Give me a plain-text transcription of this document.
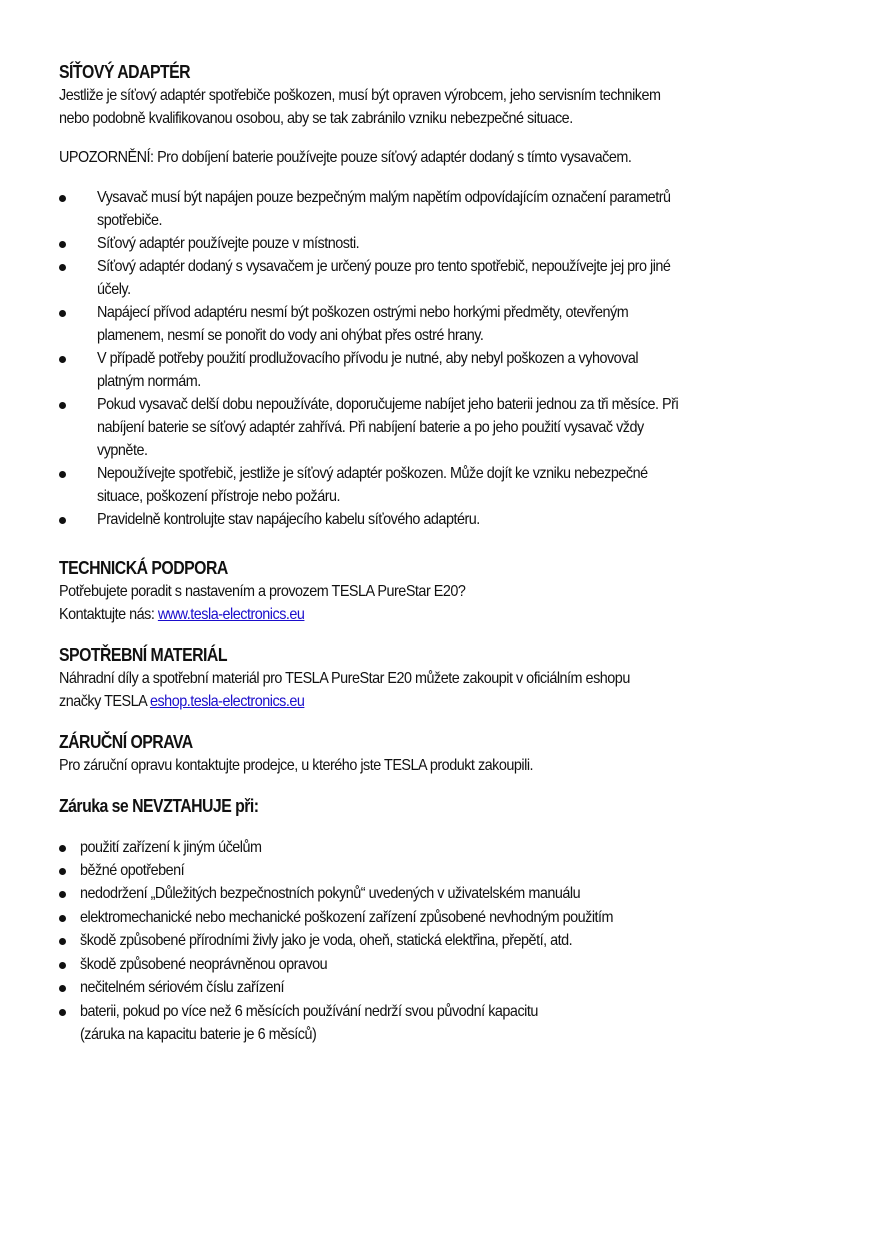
SÍŤOVÝ ADAPTÉR
Jestliže je síťový adaptér spotřebiče poškozen, musí být opraven výrobcem, jeho servisním technikem
nebo podobně kvalifikovanou osobou, aby se tak zabránilo vzniku nebezpečné situace.
UPOZORNĚNÍ: Pro dobíjení baterie používejte pouze síťový adaptér dodaný s tímto vysavačem.
Vysavač musí být napájen pouze bezpečným malým napětím odpovídajícím označení parametrů
spotřebiče.
Síťový adaptér používejte pouze v místnosti.
Síťový adaptér dodaný s vysavačem je určený pouze pro tento spotřebič, nepoužívejte jej pro jiné
účely.
Napájecí přívod adaptéru nesmí být poškozen ostrými nebo horkými předměty, otevřeným
plamenem, nesmí se ponořit do vody ani ohýbat přes ostré hrany.
V případě potřeby použití prodlužovacího přívodu je nutné, aby nebyl poškozen a vyhovoval
platným normám.
Pokud vysavač delší dobu nepoužíváte, doporučujeme nabíjet jeho baterii jednou za tři měsíce. Při
nabíjení baterie se síťový adaptér zahřívá. Při nabíjení baterie a po jeho použití vysavač vždy
vypněte.
Nepoužívejte spotřebič, jestliže je síťový adaptér poškozen. Může dojít ke vzniku nebezpečné
situace, poškození přístroje nebo požáru.
Pravidelně kontrolujte stav napájecího kabelu síťového adaptéru.
TECHNICKÁ PODPORA
Potřebujete poradit s nastavením a provozem TESLA PureStar E20?
Kontaktujte nás: www.tesla-electronics.eu
SPOTŘEBNÍ MATERIÁL
Náhradní díly a spotřební materiál pro TESLA PureStar E20 můžete zakoupit v oficiálním eshopu
značky TESLA eshop.tesla-electronics.eu
ZÁRUČNÍ OPRAVA
Pro záruční opravu kontaktujte prodejce, u kterého jste TESLA produkt zakoupili.
Záruka se NEVZTAHUJE při:
použití zařízení k jiným účelům
běžné opotřebení
nedodržení „Důležitých bezpečnostních pokynů“ uvedených v uživatelském manuálu
elektromechanické nebo mechanické poškození zařízení způsobené nevhodným použitím
škodě způsobené přírodními živly jako je voda, oheň, statická elektřina, přepětí, atd.
škodě způsobené neoprávněnou opravou
nečitelném sériovém číslu zařízení
baterii, pokud po více než 6 měsících používání nedrží svou původní kapacitu
(záruka na kapacitu baterie je 6 měsíců)
